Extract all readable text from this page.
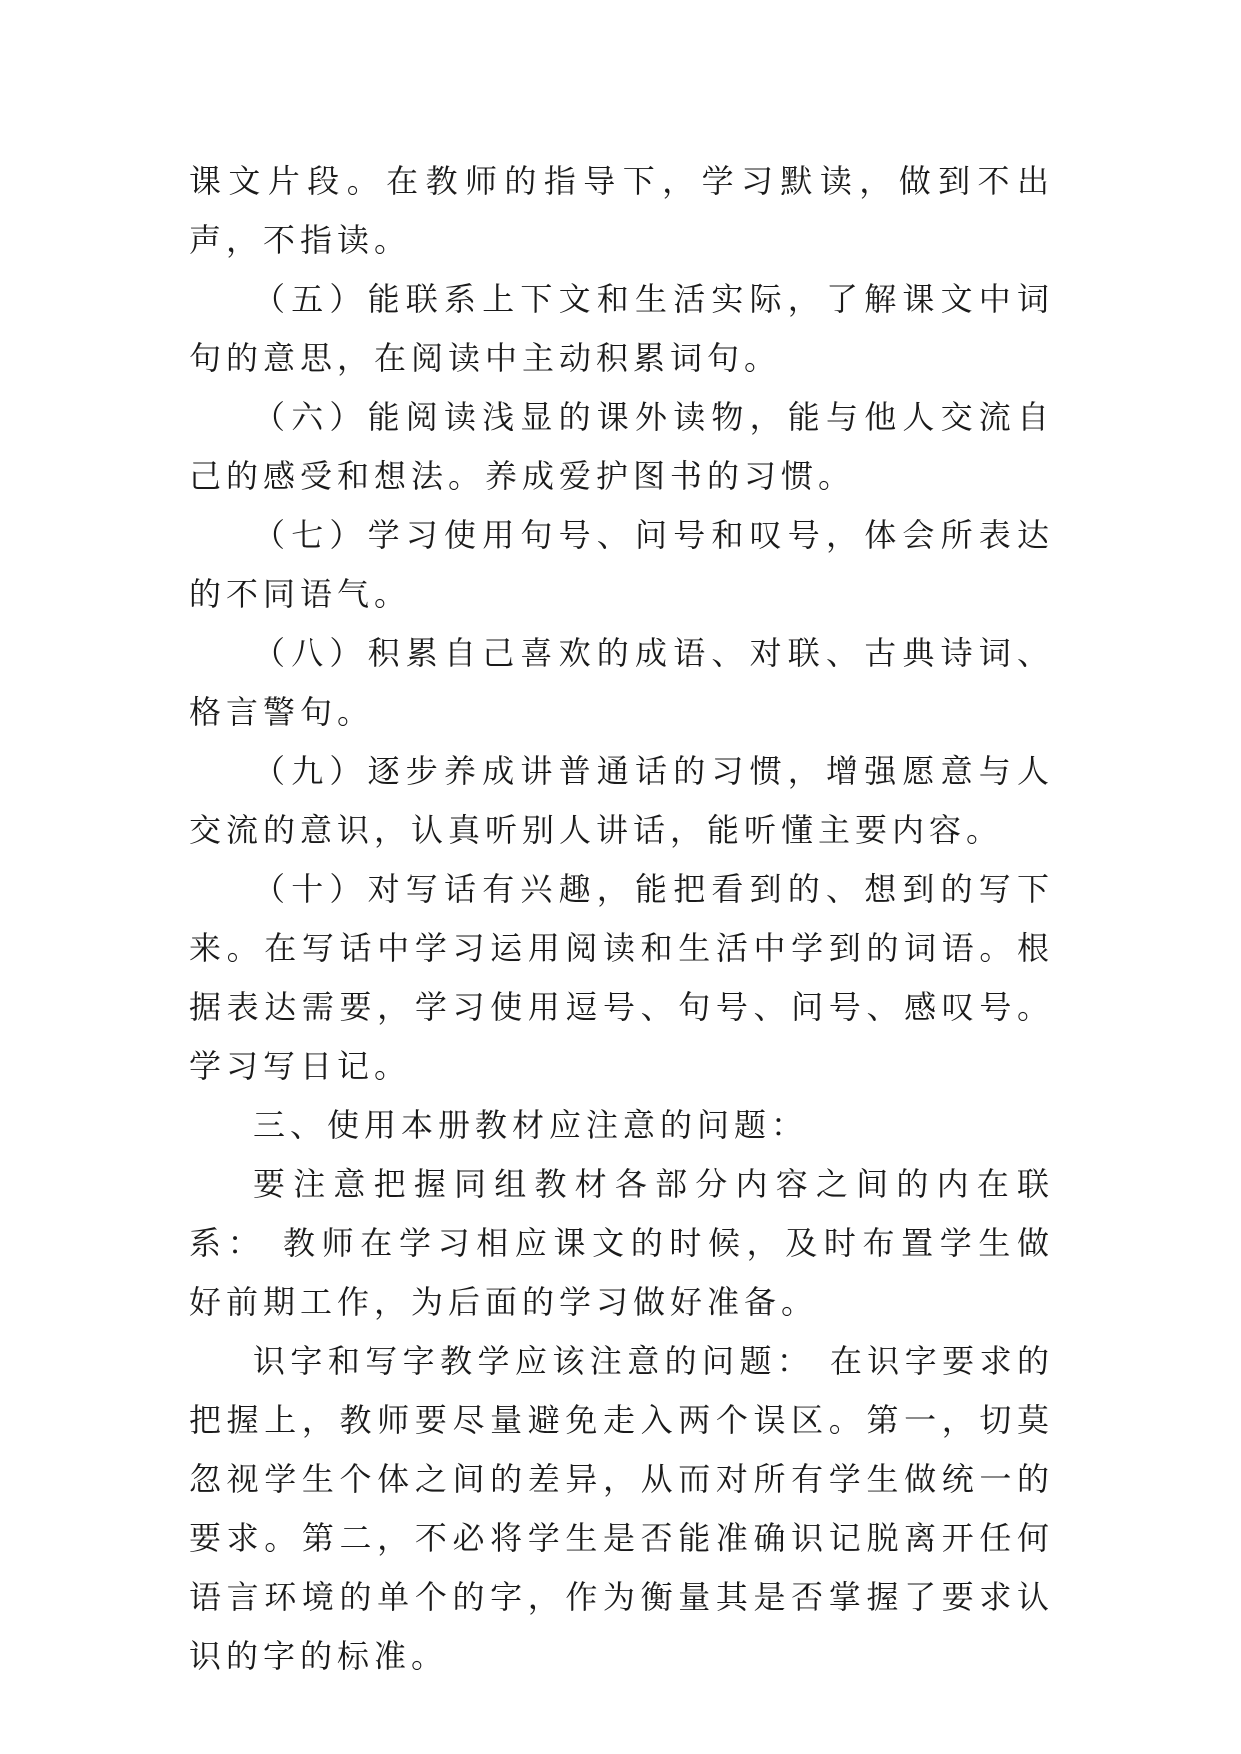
课文片段。在教师的指导下，学习默读，做到不出声，不指读。

（五）能联系上下文和生活实际，了解课文中词句的意思，在阅读中主动积累词句。

（六）能阅读浅显的课外读物，能与他人交流自己的感受和想法。养成爱护图书的习惯。

（七）学习使用句号、问号和叹号，体会所表达的不同语气。

（八）积累自己喜欢的成语、对联、古典诗词、格言警句。

（九）逐步养成讲普通话的习惯，增强愿意与人交流的意识，认真听别人讲话，能听懂主要内容。

（十）对写话有兴趣，能把看到的、想到的写下来。在写话中学习运用阅读和生活中学到的词语。根据表达需要，学习使用逗号、句号、问号、感叹号。学习写日记。

三、使用本册教材应注意的问题：

要注意把握同组教材各部分内容之间的内在联系： 教师在学习相应课文的时候，及时布置学生做好前期工作，为后面的学习做好准备。

识字和写字教学应该注意的问题： 在识字要求的把握上，教师要尽量避免走入两个误区。第一，切莫忽视学生个体之间的差异，从而对所有学生做统一的要求。第二，不必将学生是否能准确识记脱离开任何语言环境的单个的字，作为衡量其是否掌握了要求认识的字的标准。
